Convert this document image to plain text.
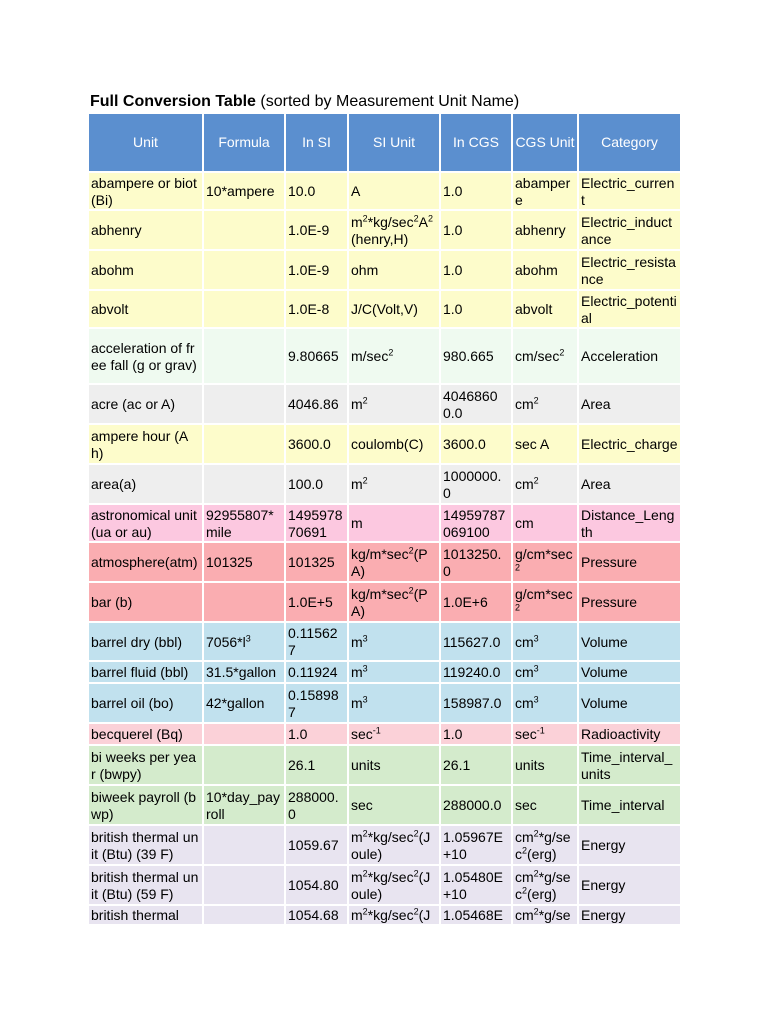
Full Conversion Table (sorted by Measurement Unit Name)
Unit	Formula	In SI	SI Unit	In CGS	CGS Unit	Category
abampere or biot (Bi)	10*ampere	10.0	A	1.0	abampere	Electric_current
abhenry		1.0E-9	$m^2*kg/\sec^2A^2$ (henry,H)	1.0	abhenry	Electric_inductance
abohm		1.0E-9	ohm	1.0	abohm	Electric_resistance
abvolt		1.0E-8	J/C(Volt,V)	1.0	abvolt	Electric_potential
acceleration of free fall (g or grav)		9.80665	$m/\sec^2$	980.665	$cm/\sec^2$	Acceleration
acre (ac or A)		4046.86	$m^2$	40468600.0	$cm^2$	Area
ampere hour (A h)		3600.0	coulomb(C)	3600.0	sec A	Electric_charge
area(a)		100.0	$m^2$	1000000.0	$cm^2$	Area
astronomical unit (ua or au)	92955807*mile	149597870691	m	14959787069100	cm	Distance_Length
atmosphere(atm)	101325	101325	$kg/m*\sec^2(PA)$	1013250.0	$g/cm*\sec^2$	Pressure
bar (b)		1.0E+5	$kg/m*\sec^2(PA)$	1.0E+6	$g/cm*\sec^2$	Pressure
barrel dry (bbl)	$7056*l^3$	0.115627	$m^3$	115627.0	$cm^3$	Volume
barrel fluid (bbl)	31.5*gallon	0.11924	$m^3$	119240.0	$cm^3$	Volume
barrel oil (bo)	42*gallon	0.158987	$m^3$	158987.0	$cm^3$	Volume
becquerel (Bq)		1.0	$\sec^{-1}$	1.0	$\sec^{-1}$	Radioactivity
bi weeks per year (bwpy)		26.1	units	26.1	units	Time_interval_units
biweek payroll (bwp)	10*day_payroll	288000.0	sec	288000.0	sec	Time_interval
british thermal unit (Btu) (39 F)		1059.67	$m^2*kg/\sec^2(Joule)$	1.05967E+10	$cm^2*g/\sec^2(erg)$	Energy
british thermal unit (Btu) (59 F)		1054.80	$m^2*kg/\sec^2(Joule)$	1.05480E+10	$cm^2*g/\sec^2(erg)$	Energy
british thermal		1054.68	$m^2*kg/\sec^2(J$	1.05468E	$cm^2*g/se$	Energy
